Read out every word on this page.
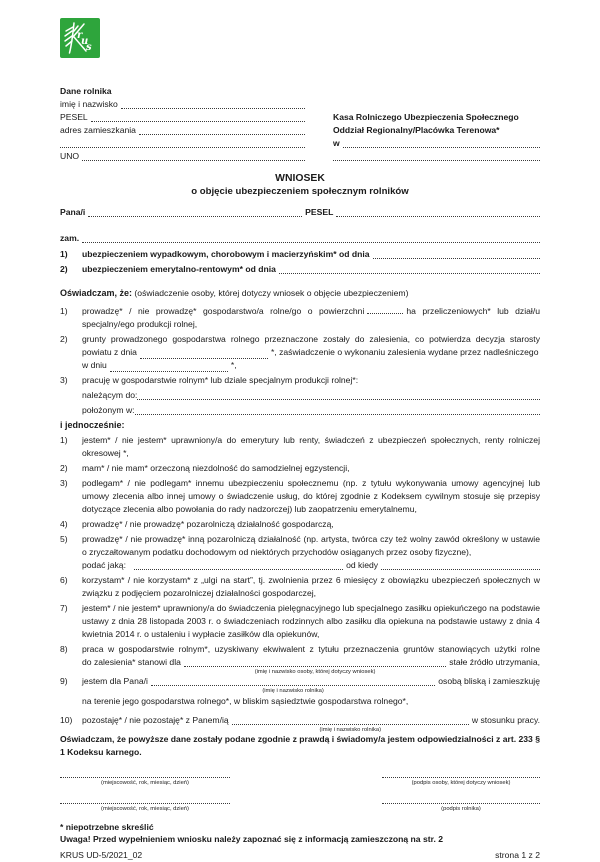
r
u
s
Dane rolnika
imię i nazwisko
PESEL	Kasa Rolniczego Ubezpieczenia Społecznego
adres zamieszkania	Oddział Regionalny/Placówka Terenowa*
w
UNO
WNIOSEK
o objęcie ubezpieczeniem społecznym rolników
Pana/i	PESEL
zam.
1)	ubezpieczeniem wypadkowym, chorobowym i macierzyńskim* od dnia
2)	ubezpieczeniem emerytalno-rentowym* od dnia
Oświadczam, że: (oświadczenie osoby, której dotyczy wniosek o objęcie ubezpieczeniem)
1)	prowadzę* / nie prowadzę* gospodarstwo/a rolne/go o powierzchni	ha przeliczeniowych* lub dział/u specjalny/ego produkcji rolnej,
2)	grunty prowadzonego gospodarstwa rolnego przeznaczone zostały do zalesienia, co potwierdza decyzja starosty
powiatu z dnia	*, zaświadczenie o wykonaniu zalesienia wydane przez nadleśniczego
w dniu	*,
3)	pracuję w gospodarstwie rolnym* lub dziale specjalnym produkcji rolnej*:
należącym do:
położonym w:
i jednocześnie:
1)	jestem* / nie jestem* uprawniony/a do emerytury lub renty, świadczeń z ubezpieczeń społecznych, renty rolniczej okresowej *,
2)	mam* / nie mam* orzeczoną niezdolność do samodzielnej egzystencji,
3)	podlegam* / nie podlegam* innemu ubezpieczeniu społecznemu (np. z tytułu wykonywania umowy agencyjnej lub umowy zlecenia albo innej umowy o świadczenie usług, do której zgodnie z Kodeksem cywilnym stosuje się przepisy dotyczące zlecenia albo powołania do rady nadzorczej) lub zaopatrzeniu emerytalnemu,
4)	prowadzę* / nie prowadzę* pozarolniczą działalność gospodarczą,
5)	prowadzę* / nie prowadzę* inną pozarolniczą działalność (np. artysta, twórca czy też wolny zawód określony w ustawie o zryczałtowanym podatku dochodowym od niektórych przychodów osiąganych przez osoby fizyczne),
podać jaką:	od kiedy
6)	korzystam* / nie korzystam* z „ulgi na start”, tj. zwolnienia przez 6 miesięcy z obowiązku ubezpieczeń społecznych w związku z podjęciem pozarolniczej działalności gospodarczej,
7)	jestem* / nie jestem* uprawniony/a do świadczenia pielęgnacyjnego lub specjalnego zasiłku opiekuńczego na podstawie ustawy z dnia 28 listopada 2003 r. o świadczeniach rodzinnych albo zasiłku dla opiekuna na podstawie ustawy z dnia 4 kwietnia 2014 r. o ustaleniu i wypłacie zasiłków dla opiekunów,
8)	praca w gospodarstwie rolnym*, uzyskiwany ekwiwalent z tytułu przeznaczenia gruntów stanowiących użytki rolne
do zalesienia* stanowi dla
(imię i nazwisko osoby, której dotyczy wniosek)
stałe źródło utrzymania,
9)	jestem dla Pana/i
(imię i nazwisko rolnika)
osobą bliską i zamieszkuję
na terenie jego gospodarstwa rolnego*, w bliskim sąsiedztwie gospodarstwa rolnego*,
10)	pozostaję* / nie pozostaję* z Panem/ią
(imię i nazwisko rolnika)
w stosunku pracy.
Oświadczam, że powyższe dane zostały podane zgodnie z prawdą i świadomy/a jestem odpowiedzialności z art. 233 § 1 Kodeksu karnego.
(miejscowość, rok, miesiąc, dzień)	(podpis osoby, której dotyczy wniosek)
(miejscowość, rok, miesiąc, dzień)	(podpis rolnika)
* niepotrzebne skreślić
Uwaga! Przed wypełnieniem wniosku należy zapoznać się z informacją zamieszczoną na str. 2
KRUS UD-5/2021_02	strona 1 z 2
